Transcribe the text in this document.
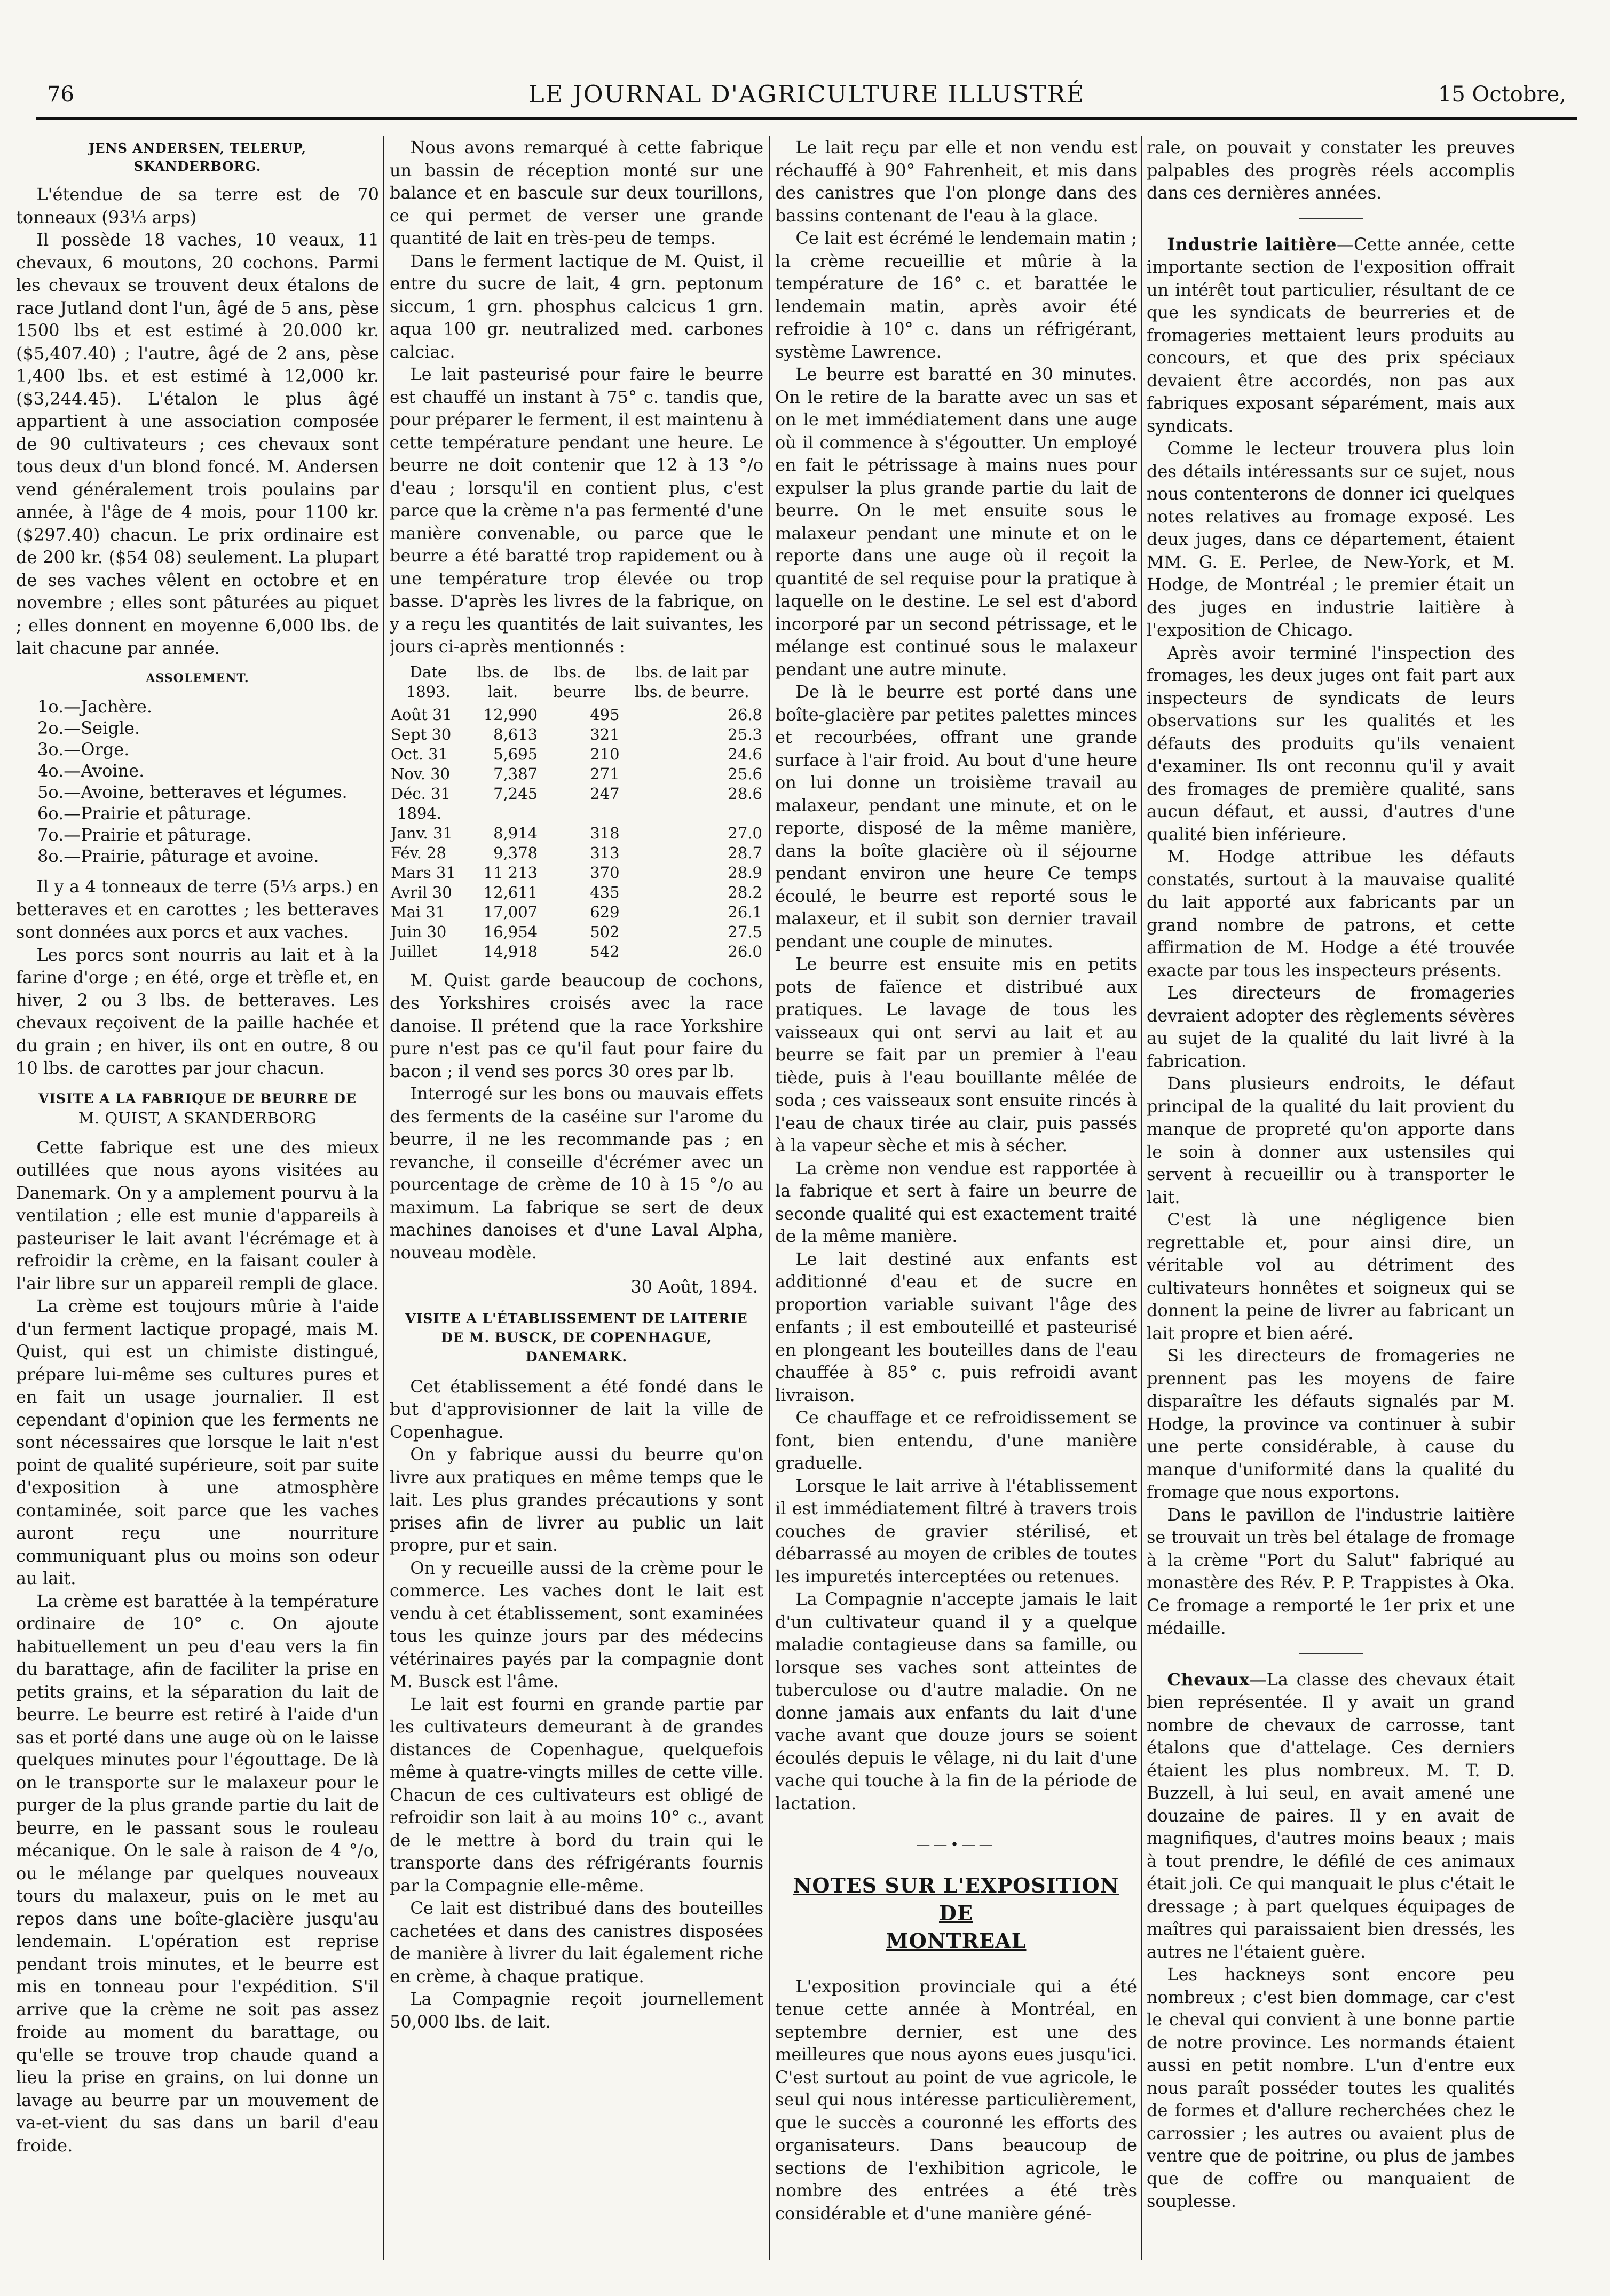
76	LE JOURNAL D'AGRICULTURE ILLUSTRÉ	15 Octobre,
JENS ANDERSEN, TELERUP,
SKANDERBORG.

L'étendue de sa terre est de 70 tonneaux (93⅓ arps)

Il possède 18 vaches, 10 veaux, 11 chevaux, 6 moutons, 20 cochons. Parmi les chevaux se trouvent deux étalons de race Jutland dont l'un, âgé de 5 ans, pèse 1500 lbs et est estimé à 20.000 kr. ($5,407.40) ; l'autre, âgé de 2 ans, pèse 1,400 lbs. et est estimé à 12,000 kr. ($3,244.45). L'étalon le plus âgé appartient à une association composée de 90 cultivateurs ; ces chevaux sont tous deux d'un blond foncé. M. Andersen vend généralement trois poulains par année, à l'âge de 4 mois, pour 1100 kr. ($297.40) chacun. Le prix ordinaire est de 200 kr. ($54 08) seulement. La plupart de ses vaches vêlent en octobre et en novembre ; elles sont pâturées au piquet ; elles donnent en moyenne 6,000 lbs. de lait chacune par année.

ASSOLEMENT.
1o.—Jachère.
2o.—Seigle.
3o.—Orge.
4o.—Avoine.
5o.—Avoine, betteraves et légumes.
6o.—Prairie et pâturage.
7o.—Prairie et pâturage.
8o.—Prairie, pâturage et avoine.

Il y a 4 tonneaux de terre (5⅓ arps.) en betteraves et en carottes ; les betteraves sont données aux porcs et aux vaches.

Les porcs sont nourris au lait et à la farine d'orge ; en été, orge et trèfle et, en hiver, 2 ou 3 lbs. de betteraves. Les chevaux reçoivent de la paille hachée et du grain ; en hiver, ils ont en outre, 8 ou 10 lbs. de carottes par jour chacun.

VISITE A LA FABRIQUE DE BEURRE DE
M. QUIST, A SKANDERBORG

Cette fabrique est une des mieux outillées que nous ayons visitées au Danemark. On y a amplement pourvu à la ventilation ; elle est munie d'appareils à pasteuriser le lait avant l'écrémage et à refroidir la crème, en la faisant couler à l'air libre sur un appareil rempli de glace.

La crème est toujours mûrie à l'aide d'un ferment lactique propagé, mais M. Quist, qui est un chimiste distingué, prépare lui-même ses cultures pures et en fait un usage journalier. Il est cependant d'opinion que les ferments ne sont nécessaires que lorsque le lait n'est point de qualité supérieure, soit par suite d'exposition à une atmosphère contaminée, soit parce que les vaches auront reçu une nourriture communiquant plus ou moins son odeur au lait.

La crème est barattée à la température ordinaire de 10° c. On ajoute habituellement un peu d'eau vers la fin du barattage, afin de faciliter la prise en petits grains, et la séparation du lait de beurre. Le beurre est retiré à l'aide d'un sas et porté dans une auge où on le laisse quelques minutes pour l'égouttage. De là on le transporte sur le malaxeur pour le purger de la plus grande partie du lait de beurre, en le passant sous le rouleau mécanique. On le sale à raison de 4 °/o, ou le mélange par quelques nouveaux tours du malaxeur, puis on le met au repos dans une boîte-glacière jusqu'au lendemain. L'opération est reprise pendant trois minutes, et le beurre est mis en tonneau pour l'expédition. S'il arrive que la crème ne soit pas assez froide au moment du barattage, ou qu'elle se trouve trop chaude quand a lieu la prise en grains, on lui donne un lavage au beurre par un mouvement de va-et-vient du sas dans un baril d'eau froide.

Nous avons remarqué à cette fabrique un bassin de réception monté sur une balance et en bascule sur deux tourillons, ce qui permet de verser une grande quantité de lait en très-peu de temps.

Dans le ferment lactique de M. Quist, il entre du sucre de lait, 4 grn. peptonum siccum, 1 grn. phosphus calcicus 1 grn. aqua 100 gr. neutralized med. carbones calciac.

Le lait pasteurisé pour faire le beurre est chauffé un instant à 75° c. tandis que, pour préparer le ferment, il est maintenu à cette température pendant une heure. Le beurre ne doit contenir que 12 à 13 °/o d'eau ; lorsqu'il en contient plus, c'est parce que la crème n'a pas fermenté d'une manière convenable, ou parce que le beurre a été baratté trop rapidement ou à une température trop élevée ou trop basse. D'après les livres de la fabrique, on y a reçu les quantités de lait suivantes, les jours ci-après mentionnés :

Date 1893.	lbs. de lait.	lbs. de beurre	lbs. de lait par lbs. de beurre.
Août 31	12,990	495	26.8
Sept 30	8,613	321	25.3
Oct. 31	5,695	210	24.6
Nov. 30	7,387	271	25.6
Déc. 31	7,245	247	28.6
1894.			
Janv. 31	8,914	318	27.0
Fév. 28	9,378	313	28.7
Mars 31	11 213	370	28.9
Avril 30	12,611	435	28.2
Mai 31	17,007	629	26.1
Juin 30	16,954	502	27.5
Juillet	14,918	542	26.0

M. Quist garde beaucoup de cochons, des Yorkshires croisés avec la race danoise. Il prétend que la race Yorkshire pure n'est pas ce qu'il faut pour faire du bacon ; il vend ses porcs 30 ores par lb.

Interrogé sur les bons ou mauvais effets des ferments de la caséine sur l'arome du beurre, il ne les recommande pas ; en revanche, il conseille d'écrémer avec un pourcentage de crème de 10 à 15 °/o au maximum. La fabrique se sert de deux machines danoises et d'une Laval Alpha, nouveau modèle.

30 Août, 1894.

VISITE A L'ÉTABLISSEMENT DE LAITERIE
DE M. BUSCK, DE COPENHAGUE,
DANEMARK.

Cet établissement a été fondé dans le but d'approvisionner de lait la ville de Copenhague.

On y fabrique aussi du beurre qu'on livre aux pratiques en même temps que le lait. Les plus grandes précautions y sont prises afin de livrer au public un lait propre, pur et sain.

On y recueille aussi de la crème pour le commerce. Les vaches dont le lait est vendu à cet établissement, sont examinées tous les quinze jours par des médecins vétérinaires payés par la compagnie dont M. Busck est l'âme.

Le lait est fourni en grande partie par les cultivateurs demeurant à de grandes distances de Copenhague, quelquefois même à quatre-vingts milles de cette ville. Chacun de ces cultivateurs est obligé de refroidir son lait à au moins 10° c., avant de le mettre à bord du train qui le transporte dans des réfrigérants fournis par la Compagnie elle-même.

Ce lait est distribué dans des bouteilles cachetées et dans des canistres disposées de manière à livrer du lait également riche en crème, à chaque pratique.

La Compagnie reçoit journellement 50,000 lbs. de lait.

Le lait reçu par elle et non vendu est réchauffé à 90° Fahrenheit, et mis dans des canistres que l'on plonge dans des bassins contenant de l'eau à la glace.

Ce lait est écrémé le lendemain matin ; la crème recueillie et mûrie à la température de 16° c. et barattée le lendemain matin, après avoir été refroidie à 10° c. dans un réfrigérant, système Lawrence.

Le beurre est baratté en 30 minutes. On le retire de la baratte avec un sas et on le met immédiatement dans une auge où il commence à s'égoutter. Un employé en fait le pétrissage à mains nues pour expulser la plus grande partie du lait de beurre. On le met ensuite sous le malaxeur pendant une minute et on le reporte dans une auge où il reçoit la quantité de sel requise pour la pratique à laquelle on le destine. Le sel est d'abord incorporé par un second pétrissage, et le mélange est continué sous le malaxeur pendant une autre minute.

De là le beurre est porté dans une boîte-glacière par petites palettes minces et recourbées, offrant une grande surface à l'air froid. Au bout d'une heure on lui donne un troisième travail au malaxeur, pendant une minute, et on le reporte, disposé de la même manière, dans la boîte glacière où il séjourne pendant environ une heure Ce temps écoulé, le beurre est reporté sous le malaxeur, et il subit son dernier travail pendant une couple de minutes.

Le beurre est ensuite mis en petits pots de faïence et distribué aux pratiques. Le lavage de tous les vaisseaux qui ont servi au lait et au beurre se fait par un premier à l'eau tiède, puis à l'eau bouillante mêlée de soda ; ces vaisseaux sont ensuite rincés à l'eau de chaux tirée au clair, puis passés à la vapeur sèche et mis à sécher.

La crème non vendue est rapportée à la fabrique et sert à faire un beurre de seconde qualité qui est exactement traité de la même manière.

Le lait destiné aux enfants est additionné d'eau et de sucre en proportion variable suivant l'âge des enfants ; il est embouteillé et pasteurisé en plongeant les bouteilles dans de l'eau chauffée à 85° c. puis refroidi avant livraison.

Ce chauffage et ce refroidissement se font, bien entendu, d'une manière graduelle.

Lorsque le lait arrive à l'établissement il est immédiatement filtré à travers trois couches de gravier stérilisé, et débarrassé au moyen de cribles de toutes les impuretés interceptées ou retenues.

La Compagnie n'accepte jamais le lait d'un cultivateur quand il y a quelque maladie contagieuse dans sa famille, ou lorsque ses vaches sont atteintes de tuberculose ou d'autre maladie. On ne donne jamais aux enfants du lait d'une vache avant que douze jours se soient écoulés depuis le vêlage, ni du lait d'une vache qui touche à la fin de la période de lactation.

——•——
NOTES SUR L'EXPOSITION DE
MONTREAL

L'exposition provinciale qui a été tenue cette année à Montréal, en septembre dernier, est une des meilleures que nous ayons eues jusqu'ici. C'est surtout au point de vue agricole, le seul qui nous intéresse particulièrement, que le succès a couronné les efforts des organisateurs. Dans beaucoup de sections de l'exhibition agricole, le nombre des entrées a été très considérable et d'une manière géné-

rale, on pouvait y constater les preuves palpables des progrès réels accomplis dans ces dernières années.

Industrie laitière—Cette année, cette importante section de l'exposition offrait un intérêt tout particulier, résultant de ce que les syndicats de beurreries et de fromageries mettaient leurs produits au concours, et que des prix spéciaux devaient être accordés, non pas aux fabriques exposant séparément, mais aux syndicats.

Comme le lecteur trouvera plus loin des détails intéressants sur ce sujet, nous nous contenterons de donner ici quelques notes relatives au fromage exposé. Les deux juges, dans ce département, étaient MM. G. E. Perlee, de New-York, et M. Hodge, de Montréal ; le premier était un des juges en industrie laitière à l'exposition de Chicago.

Après avoir terminé l'inspection des fromages, les deux juges ont fait part aux inspecteurs de syndicats de leurs observations sur les qualités et les défauts des produits qu'ils venaient d'examiner. Ils ont reconnu qu'il y avait des fromages de première qualité, sans aucun défaut, et aussi, d'autres d'une qualité bien inférieure.

M. Hodge attribue les défauts constatés, surtout à la mauvaise qualité du lait apporté aux fabricants par un grand nombre de patrons, et cette affirmation de M. Hodge a été trouvée exacte par tous les inspecteurs présents.

Les directeurs de fromageries devraient adopter des règlements sévères au sujet de la qualité du lait livré à la fabrication.

Dans plusieurs endroits, le défaut principal de la qualité du lait provient du manque de propreté qu'on apporte dans le soin à donner aux ustensiles qui servent à recueillir ou à transporter le lait.

C'est là une négligence bien regrettable et, pour ainsi dire, un véritable vol au détriment des cultivateurs honnêtes et soigneux qui se donnent la peine de livrer au fabricant un lait propre et bien aéré.

Si les directeurs de fromageries ne prennent pas les moyens de faire disparaître les défauts signalés par M. Hodge, la province va continuer à subir une perte considérable, à cause du manque d'uniformité dans la qualité du fromage que nous exportons.

Dans le pavillon de l'industrie laitière se trouvait un très bel étalage de fromage à la crème "Port du Salut" fabriqué au monastère des Rév. P. P. Trappistes à Oka. Ce fromage a remporté le 1er prix et une médaille.

Chevaux—La classe des chevaux était bien représentée. Il y avait un grand nombre de chevaux de carrosse, tant étalons que d'attelage. Ces derniers étaient les plus nombreux. M. T. D. Buzzell, à lui seul, en avait amené une douzaine de paires. Il y en avait de magnifiques, d'autres moins beaux ; mais à tout prendre, le défilé de ces animaux était joli. Ce qui manquait le plus c'était le dressage ; à part quelques équipages de maîtres qui paraissaient bien dressés, les autres ne l'étaient guère.

Les hackneys sont encore peu nombreux ; c'est bien dommage, car c'est le cheval qui convient à une bonne partie de notre province. Les normands étaient aussi en petit nombre. L'un d'entre eux nous paraît posséder toutes les qualités de formes et d'allure recherchées chez le carrossier ; les autres ou avaient plus de ventre que de poitrine, ou plus de jambes que de coffre ou manquaient de souplesse.
